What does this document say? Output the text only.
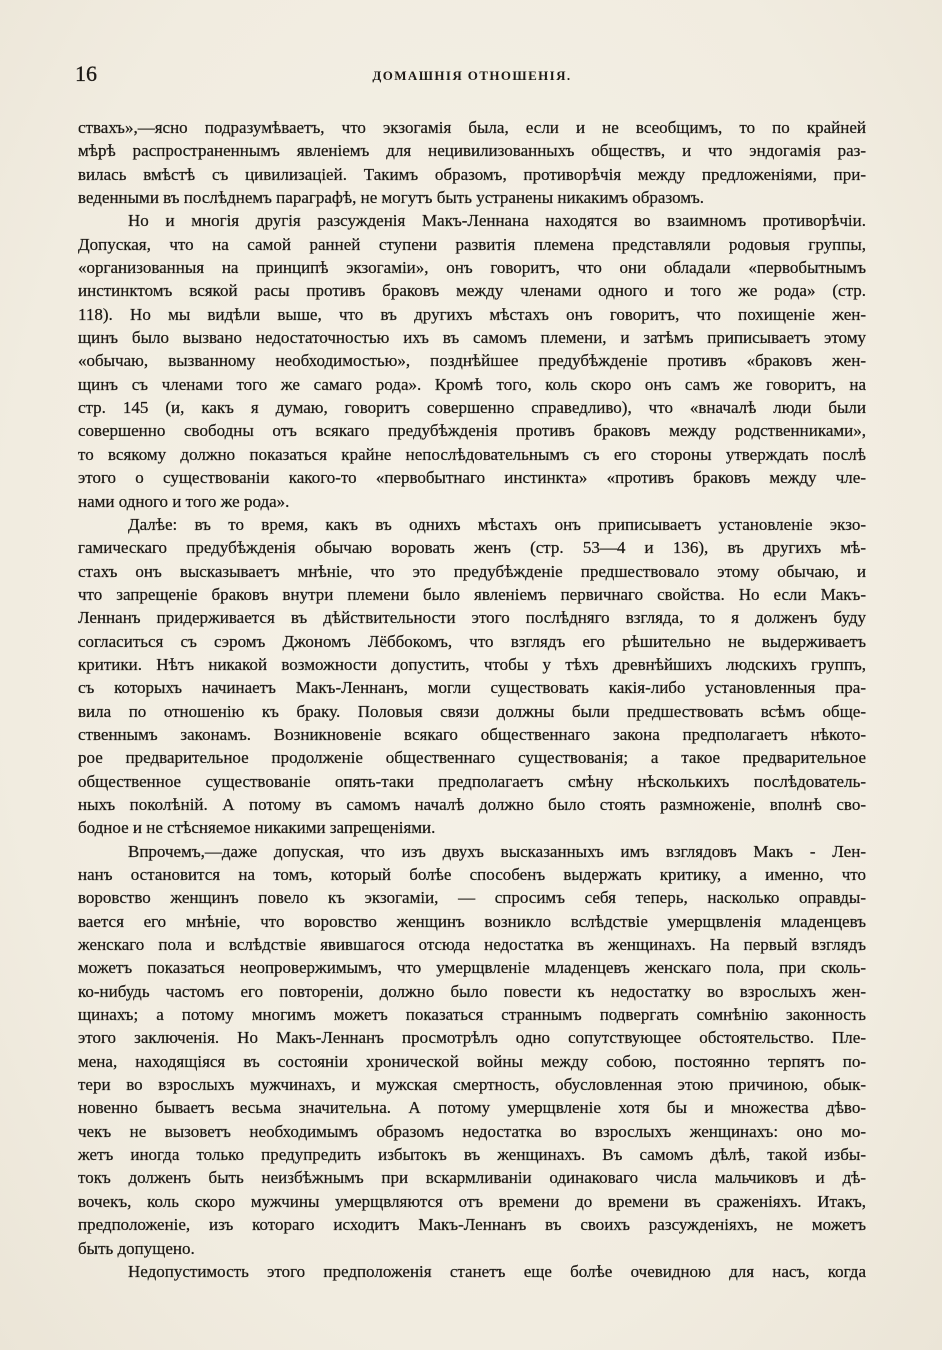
16	ДОМАШНІЯ ОТНОШЕНІЯ.
ствахъ»,—ясно подразумѣваетъ, что экзогамія была, если и не всеобщимъ, то по крайней
мѣрѣ распространеннымъ явленіемъ для нецивилизованныхъ обществъ, и что эндогамія раз-
вилась вмѣстѣ съ цивилизаціей. Такимъ образомъ, противорѣчія между предложеніями, при-
веденными въ послѣднемъ параграфѣ, не могутъ быть устранены никакимъ образомъ.
Но и многія другія разсужденія Макъ-Леннана находятся во взаимномъ противорѣчіи.
Допуская, что на самой ранней ступени развитія племена представляли родовыя группы,
«организованныя на принципѣ экзогаміи», онъ говоритъ, что они обладали «первобытнымъ
инстинктомъ всякой расы противъ браковъ между членами одного и того же рода» (стр.
118). Но мы видѣли выше, что въ другихъ мѣстахъ онъ говоритъ, что похищеніе жен-
щинъ было вызвано недостаточностью ихъ въ самомъ племени, и затѣмъ приписываетъ этому
«обычаю, вызванному необходимостью», позднѣйшее предубѣжденіе противъ «браковъ жен-
щинъ съ членами того же самаго рода». Кромѣ того, коль скоро онъ самъ же говоритъ, на
стр. 145 (и, какъ я думаю, говоритъ совершенно справедливо), что «вначалѣ люди были
совершенно свободны отъ всякаго предубѣжденія противъ браковъ между родственниками»,
то всякому должно показаться крайне непослѣдовательнымъ съ его стороны утверждать послѣ
этого о существованіи какого-то «первобытнаго инстинкта» «противъ браковъ между чле-
нами одного и того же рода».
Далѣе: въ то время, какъ въ однихъ мѣстахъ онъ приписываетъ установленіе экзо-
гамическаго предубѣжденія обычаю воровать женъ (стр. 53—4 и 136), въ другихъ мѣ-
стахъ онъ высказываетъ мнѣніе, что это предубѣжденіе предшествовало этому обычаю, и
что запрещеніе браковъ внутри племени было явленіемъ первичнаго свойства. Но если Макъ-
Леннанъ придерживается въ дѣйствительности этого послѣдняго взгляда, то я долженъ буду
согласиться съ сэромъ Джономъ Лёббокомъ, что взглядъ его рѣшительно не выдерживаетъ
критики. Нѣтъ никакой возможности допустить, чтобы у тѣхъ древнѣйшихъ людскихъ группъ,
съ которыхъ начинаетъ Макъ-Леннанъ, могли существовать какія-либо установленныя пра-
вила по отношенію къ браку. Половыя связи должны были предшествовать всѣмъ обще-
ственнымъ законамъ. Возникновеніе всякаго общественнаго закона предполагаетъ нѣкото-
рое предварительное продолженіе общественнаго существованія; а такое предварительное
общественное существованіе опять-таки предполагаетъ смѣну нѣсколькихъ послѣдователь-
ныхъ поколѣній. А потому въ самомъ началѣ должно было стоять размноженіе, вполнѣ сво-
бодное и не стѣсняемое никакими запрещеніями.
Впрочемъ,—даже допуская, что изъ двухъ высказанныхъ имъ взглядовъ Макъ - Лен-
нанъ остановится на томъ, который болѣе способенъ выдержать критику, а именно, что
воровство женщинъ повело къ экзогаміи, — спросимъ себя теперь, насколько оправды-
вается его мнѣніе, что воровство женщинъ возникло вслѣдствіе умерщвленія младенцевъ
женскаго пола и вслѣдствіе явившагося отсюда недостатка въ женщинахъ. На первый взглядъ
можетъ показаться неопровержимымъ, что умерщвленіе младенцевъ женскаго пола, при сколь-
ко-нибудь частомъ его повтореніи, должно было повести къ недостатку во взрослыхъ жен-
щинахъ; а потому многимъ можетъ показаться страннымъ подвергать сомнѣнію законность
этого заключенія. Но Макъ-Леннанъ просмотрѣлъ одно сопутствующее обстоятельство. Пле-
мена, находящіяся въ состояніи хронической войны между собою, постоянно терпятъ по-
тери во взрослыхъ мужчинахъ, и мужская смертность, обусловленная этою причиною, обык-
новенно бываетъ весьма значительна. А потому умерщвленіе хотя бы и множества дѣво-
чекъ не вызоветъ необходимымъ образомъ недостатка во взрослыхъ женщинахъ: оно мо-
жетъ иногда только предупредить избытокъ въ женщинахъ. Въ самомъ дѣлѣ, такой избы-
токъ долженъ быть неизбѣжнымъ при вскармливаніи одинаковаго числа мальчиковъ и дѣ-
вочекъ, коль скоро мужчины умерщвляются отъ времени до времени въ сраженіяхъ. Итакъ,
предположеніе, изъ котораго исходитъ Макъ-Леннанъ въ своихъ разсужденіяхъ, не можетъ
быть допущено.
Недопустимость этого предположенія станетъ еще болѣе очевидною для насъ, когда
